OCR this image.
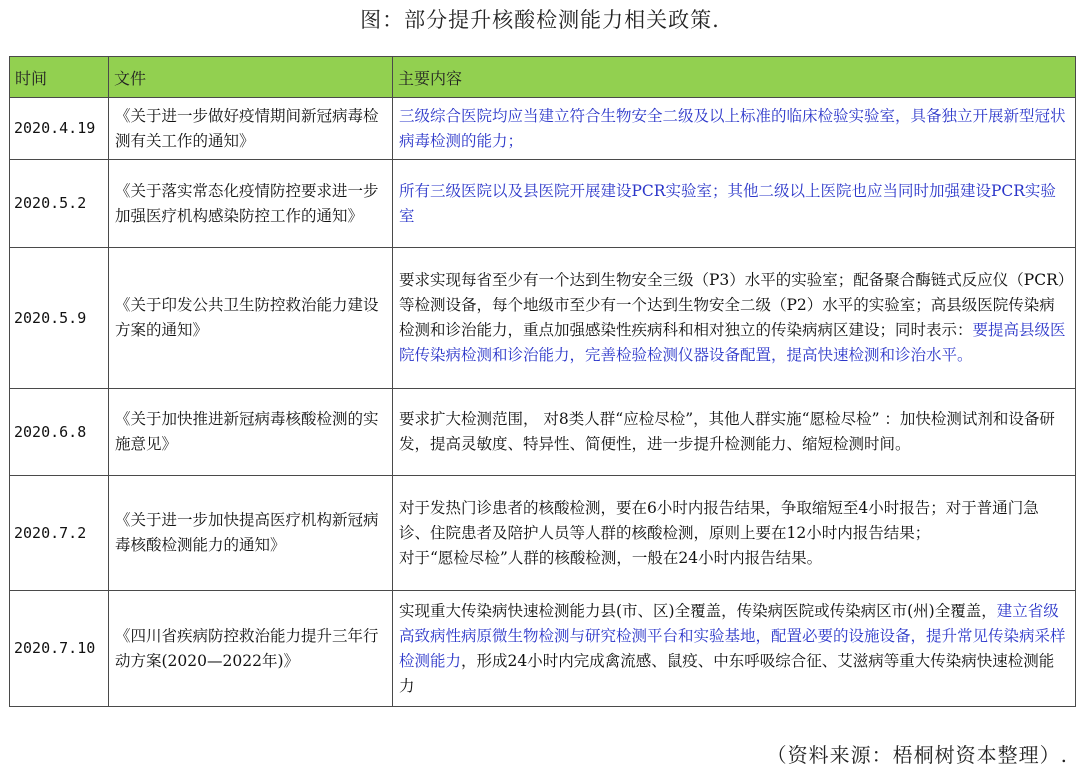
图：部分提升核酸检测能力相关政策.
时间	文件	主要内容
2020.4.19	《关于进一步做好疫情期间新冠病毒检测有关工作的通知》	三级综合医院均应当建立符合生物安全二级及以上标准的临床检验实验室，具备独立开展新型冠状病毒检测的能力；
2020.5.2	《关于落实常态化疫情防控要求进一步加强医疗机构感染防控工作的通知》	所有三级医院以及县医院开展建设PCR实验室；其他二级以上医院也应当同时加强建设PCR实验室
2020.5.9	《关于印发公共卫生防控救治能力建设方案的通知》	要求实现每省至少有一个达到生物安全三级（P3）水平的实验室；配备聚合酶链式反应仪（PCR）等检测设备，每个地级市至少有一个达到生物安全二级（P2）水平的实验室；高县级医院传染病检测和诊治能力，重点加强感染性疾病科和相对独立的传染病病区建设；同时表示：要提高县级医院传染病检测和诊治能力，完善检验检测仪器设备配置，提高快速检测和诊治水平。
2020.6.8	《关于加快推进新冠病毒核酸检测的实施意见》	要求扩大检测范围， 对8类人群“应检尽检”，其他人群实施“愿检尽检” ：加快检测试剂和设备研发，提高灵敏度、特异性、简便性，进一步提升检测能力、缩短检测时间。
2020.7.2	《关于进一步加快提高医疗机构新冠病毒核酸检测能力的通知》	对于发热门诊患者的核酸检测，要在6小时内报告结果，争取缩短至4小时报告；对于普通门急诊、住院患者及陪护人员等人群的核酸检测，原则上要在12小时内报告结果；
对于“愿检尽检”人群的核酸检测，一般在24小时内报告结果。
2020.7.10	《四川省疾病防控救治能力提升三年行动方案(2020—2022年)》	实现重大传染病快速检测能力县(市、区)全覆盖，传染病医院或传染病区市(州)全覆盖，建立省级高致病性病原微生物检测与研究检测平台和实验基地，配置必要的设施设备，提升常见传染病采样检测能力，形成24小时内完成禽流感、鼠疫、中东呼吸综合征、艾滋病等重大传染病快速检测能力
（资料来源：梧桐树资本整理）.
